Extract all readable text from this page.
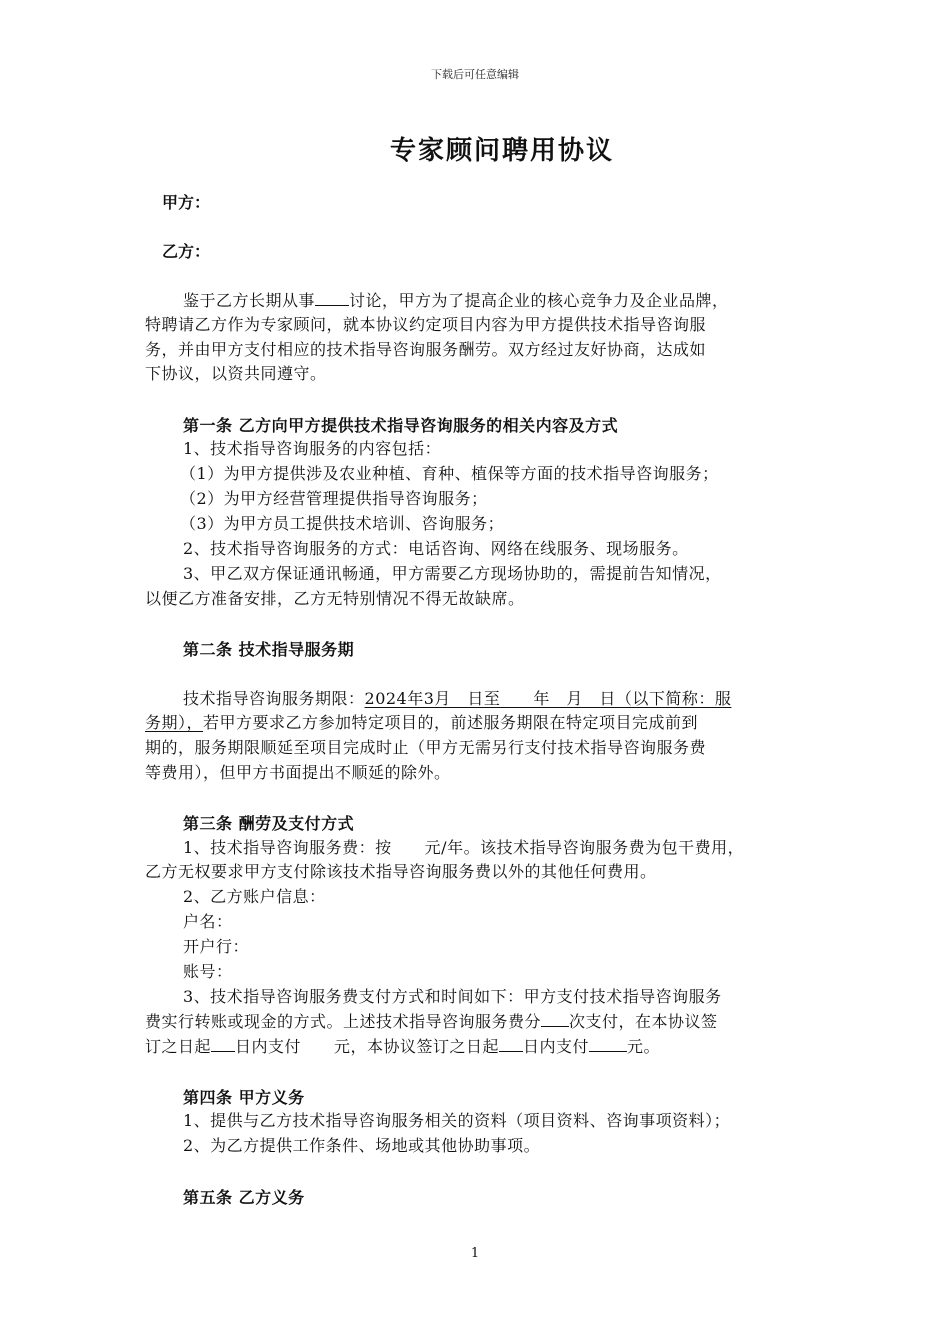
下载后可任意编辑
专家顾问聘用协议
甲方：
乙方：
鉴于乙方长期从事 讨论，甲方为了提高企业的核心竞争力及企业品牌，
特聘请乙方作为专家顾问，就本协议约定项目内容为甲方提供技术指导咨询服
务，并由甲方支付相应的技术指导咨询服务酬劳。双方经过友好协商，达成如
下协议，以资共同遵守。
第一条 乙方向甲方提供技术指导咨询服务的相关内容及方式
1、技术指导咨询服务的内容包括：
（1）为甲方提供涉及农业种植、育种、植保等方面的技术指导咨询服务；
（2）为甲方经营管理提供指导咨询服务；
（3）为甲方员工提供技术培训、咨询服务；
2、技术指导咨询服务的方式：电话咨询、网络在线服务、现场服务。
3、甲乙双方保证通讯畅通，甲方需要乙方现场协助的，需提前告知情况，
以便乙方准备安排，乙方无特别情况不得无故缺席。
第二条 技术指导服务期
技术指导咨询服务期限：2024年3月　日至　　年　月　日（以下简称：服
务期），若甲方要求乙方参加特定项目的，前述服务期限在特定项目完成前到
期的，服务期限顺延至项目完成时止（甲方无需另行支付技术指导咨询服务费
等费用），但甲方书面提出不顺延的除外。
第三条 酬劳及支付方式
1、技术指导咨询服务费：按　　元/年。该技术指导咨询服务费为包干费用，
乙方无权要求甲方支付除该技术指导咨询服务费以外的其他任何费用。
2、乙方账户信息：
户名：
开户行：
账号：
3、技术指导咨询服务费支付方式和时间如下：甲方支付技术指导咨询服务
费实行转账或现金的方式。上述技术指导咨询服务费分 次支付，在本协议签
订之日起 日内支付　　元，本协议签订之日起 日内支付 元。
第四条 甲方义务
1、提供与乙方技术指导咨询服务相关的资料（项目资料、咨询事项资料）；
2、为乙方提供工作条件、场地或其他协助事项。
第五条 乙方义务
1
